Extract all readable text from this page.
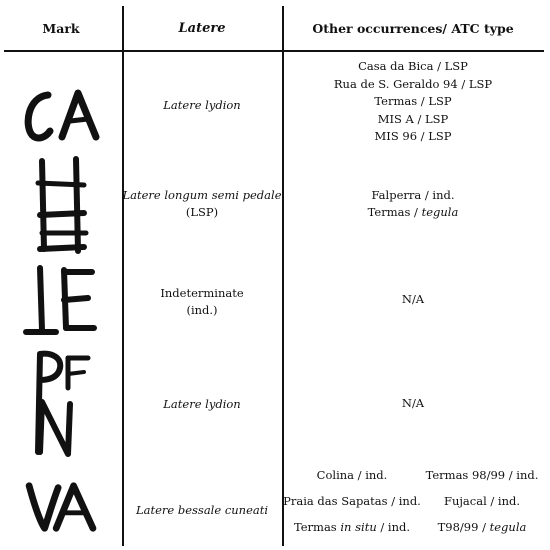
Mark	Latere	Other occurrences/ ATC type
Latere lydion
Latere longum semi pedale
(LSP)
Indeterminate
(ind.)
Latere lydion
Latere bessale cuneati
Casa da Bica / LSP
Rua de S. Geraldo 94 / LSP
Termas / LSP
MIS A / LSP
MIS 96 / LSP
Falperra / ind.
Termas / tegula
N/A
N/A
Colina / ind.
Praia das Sapatas / ind.
Termas in situ / ind.
Termas 98/99 / ind.
Fujacal / ind.
T98/99 / tegula
